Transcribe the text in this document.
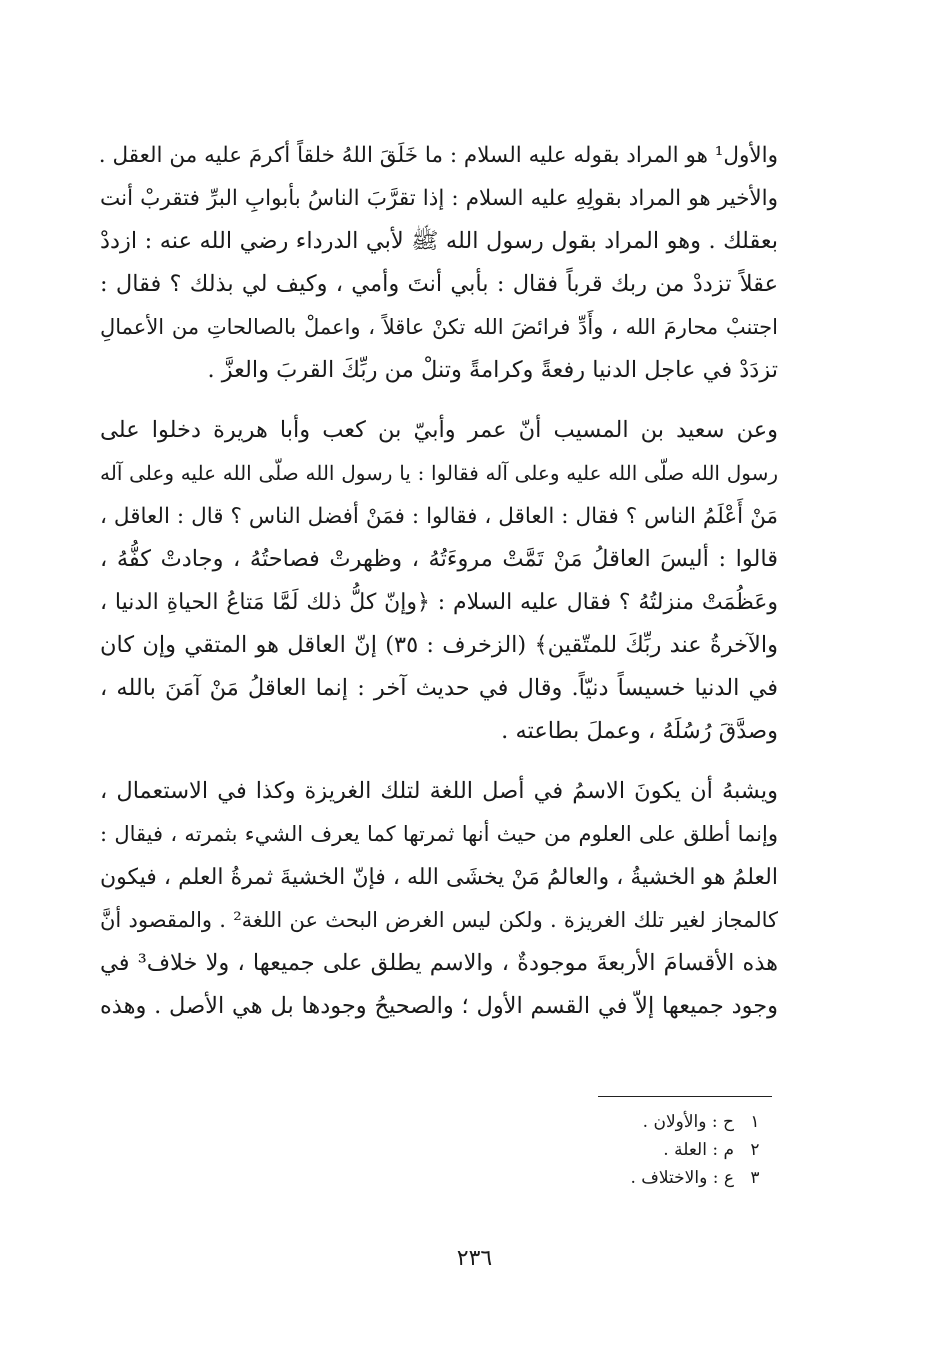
والأول¹ هو المراد بقوله عليه السلام : ما خَلَقَ اللهُ خلقاً أكرمَ عليه من العقل .
والأخير هو المراد بقولِهِ عليه السلام : إذا تقرَّبَ الناسُ بأبوابِ البرِّ فتقربْ أنت
بعقلك . وهو المراد بقول رسول الله ﷺ لأبي الدرداء رضي الله عنه : ازددْ
عقلاً تزددْ من ربك قرباً فقال : بأبي أنتَ وأمي ، وكيف لي بذلك ؟ فقال :
اجتنبْ محارمَ الله ، وأَدِّ فرائضَ الله تكنْ عاقلاً ، واعملْ بالصالحاتِ من الأعمالِ
تزدَدْ في عاجل الدنيا رفعةً وكرامةً وتنلْ من ربِّكَ القربَ والعزَّ .
وعن سعيد بن المسيب أنّ عمر وأبيّ بن كعب وأبا هريرة دخلوا على
رسول الله صلّى الله عليه وعلى آله فقالوا : يا رسول الله صلّى الله عليه وعلى آله
مَنْ أَعْلَمُ الناس ؟ فقال : العاقل ، فقالوا : فمَنْ أفضل الناس ؟ قال : العاقل ،
قالوا : أليسَ العاقلُ مَنْ تَمَّتْ مروءَتُهُ ، وظهرتْ فصاحتُهُ ، وجادتْ كفُّهُ ،
وعَظُمَتْ منزلتُهُ ؟ فقال عليه السلام : ﴿وإنّ كلُّ ذلك لَمَّا مَتاعُ الحياةِ الدنيا ،
والآخرةُ عند ربِّكَ للمتّقين﴾ (الزخرف : ٣٥) إنّ العاقل هو المتقي وإن كان
في الدنيا خسيساً دنيّاً. وقال في حديث آخر : إنما العاقلُ مَنْ آمَنَ بالله ،
وصدَّقَ رُسُلَهُ ، وعملَ بطاعته .
ويشبهُ أن يكونَ الاسمُ في أصل اللغة لتلك الغريزة وكذا في الاستعمال ،
وإنما أطلق على العلوم من حيث أنها ثمرتها كما يعرف الشيء بثمرته ، فيقال :
العلمُ هو الخشيةُ ، والعالمُ مَنْ يخشَى الله ، فإنّ الخشيةَ ثمرةُ العلم ، فيكون
كالمجاز لغير تلك الغريزة . ولكن ليس الغرض البحث عن اللغة² . والمقصود أنَّ
هذه الأقسامَ الأربعةَ موجودةٌ ، والاسم يطلق على جميعها ، ولا خلاف³ في
وجود جميعها إلاّ في القسم الأول ؛ والصحيحُ وجودها بل هي الأصل . وهذه
١
ح : والأولان .
٢
م : العلة .
٣
ع : والاختلاف .
٢٣٦
